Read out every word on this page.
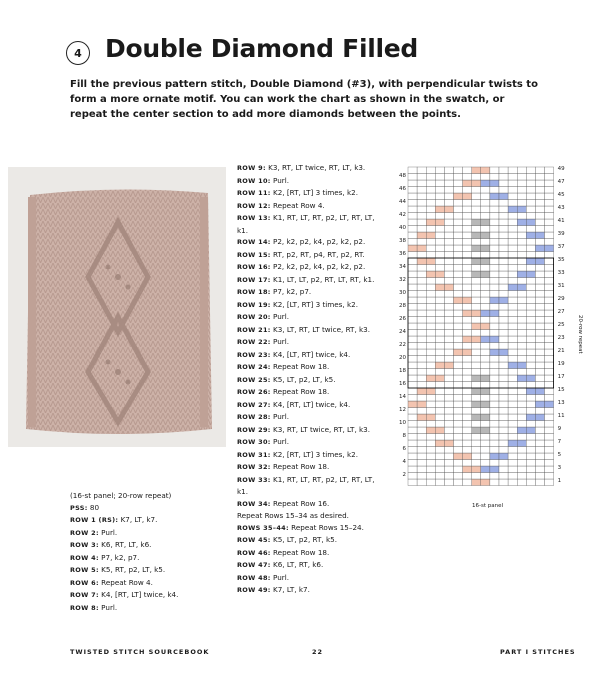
4 Double Diamond Filled
Fill the previous pattern stitch, Double Diamond (#3), with perpendicular twists to form a more ornate motif. You can work the chart as shown in the swatch, or repeat the center section to add more diamonds between the points.
ROW 9: K3, RT, LT twice, RT, LT, k3.
ROW 10: Purl.
ROW 11: K2, [RT, LT] 3 times, k2.
ROW 12: Repeat Row 4.
ROW 13: K1, RT, LT, RT, p2, LT, RT, LT, k1.
ROW 14: P2, k2, p2, k4, p2, k2, p2.
ROW 15: RT, p2, RT, p4, RT, p2, RT.
ROW 16: P2, k2, p2, k4, p2, k2, p2.
ROW 17: K1, LT, LT, p2, RT, LT, RT, k1.
ROW 18: P7, k2, p7.
ROW 19: K2, [LT, RT] 3 times, k2.
ROW 20: Purl.
ROW 21: K3, LT, RT, LT twice, RT, k3.
ROW 22: Purl.
ROW 23: K4, [LT, RT] twice, k4.
ROW 24: Repeat Row 18.
ROW 25: K5, LT, p2, LT, k5.
ROW 26: Repeat Row 18.
ROW 27: K4, [RT, LT] twice, k4.
ROW 28: Purl.
ROW 29: K3, RT, LT twice, RT, LT, k3.
ROW 30: Purl.
ROW 31: K2, [RT, LT] 3 times, k2.
ROW 32: Repeat Row 18.
ROW 33: K1, RT, LT, RT, p2, LT, RT, LT, k1.
ROW 34: Repeat Row 16.
Repeat Rows 15–34 as desired.
ROWS 35–44: Repeat Rows 15–24.
ROW 45: K5, LT, p2, RT, k5.
ROW 46: Repeat Row 18.
ROW 47: K6, LT, RT, k6.
ROW 48: Purl.
ROW 49: K7, LT, k7.
(16-st panel; 20-row repeat)
PSS: 80
ROW 1 (RS): K7, LT, k7.
ROW 2: Purl.
ROW 3: K6, RT, LT, k6.
ROW 4: P7, k2, p7.
ROW 5: K5, RT, p2, LT, k5.
ROW 6: Repeat Row 4.
ROW 7: K4, [RT, LT] twice, k4.
ROW 8: Purl.
49
47
45
43
41
39
37
35
33
31
29
27
25
23
21
19
17
15
13
11
9
7
5
3
1
48
46
44
42
40
38
36
34
32
30
28
26
24
22
20
18
16
14
12
10
8
6
4
2
16-st panel
20-row repeat
TWISTED STITCH SOURCEBOOK	22	PART I STITCHES
